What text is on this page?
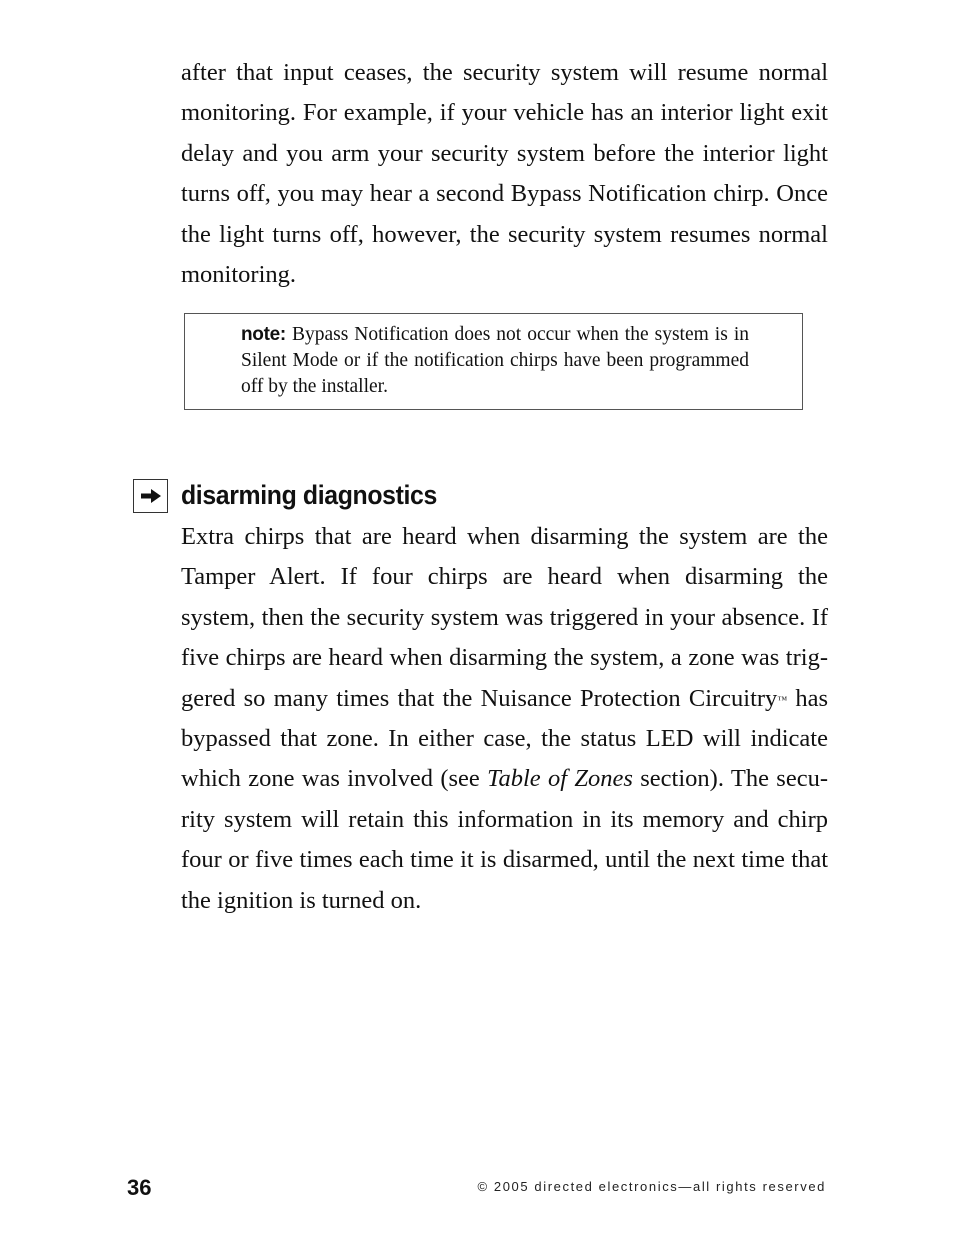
after that input ceases, the security system will resume normal monitoring. For example, if your vehicle has an interior light exit delay and you arm your security system before the interior light turns off, you may hear a second Bypass Notification chirp. Once the light turns off, however, the security system resumes normal monitoring.

note: Bypass Notification does not occur when the system is in Silent Mode or if the notification chirps have been programmed off by the installer.

disarming diagnostics

Extra chirps that are heard when disarming the system are the Tamper Alert. If four chirps are heard when disarming the system, then the security system was triggered in your absence. If five chirps are heard when disarming the system, a zone was triggered so many times that the Nuisance Protection Circuitry™ has bypassed that zone. In either case, the status LED will indicate which zone was involved (see Table of Zones section). The security system will retain this information in its memory and chirp four or five times each time it is disarmed, until the next time that the ignition is turned on.

36	© 2005 directed electronics—all rights reserved
